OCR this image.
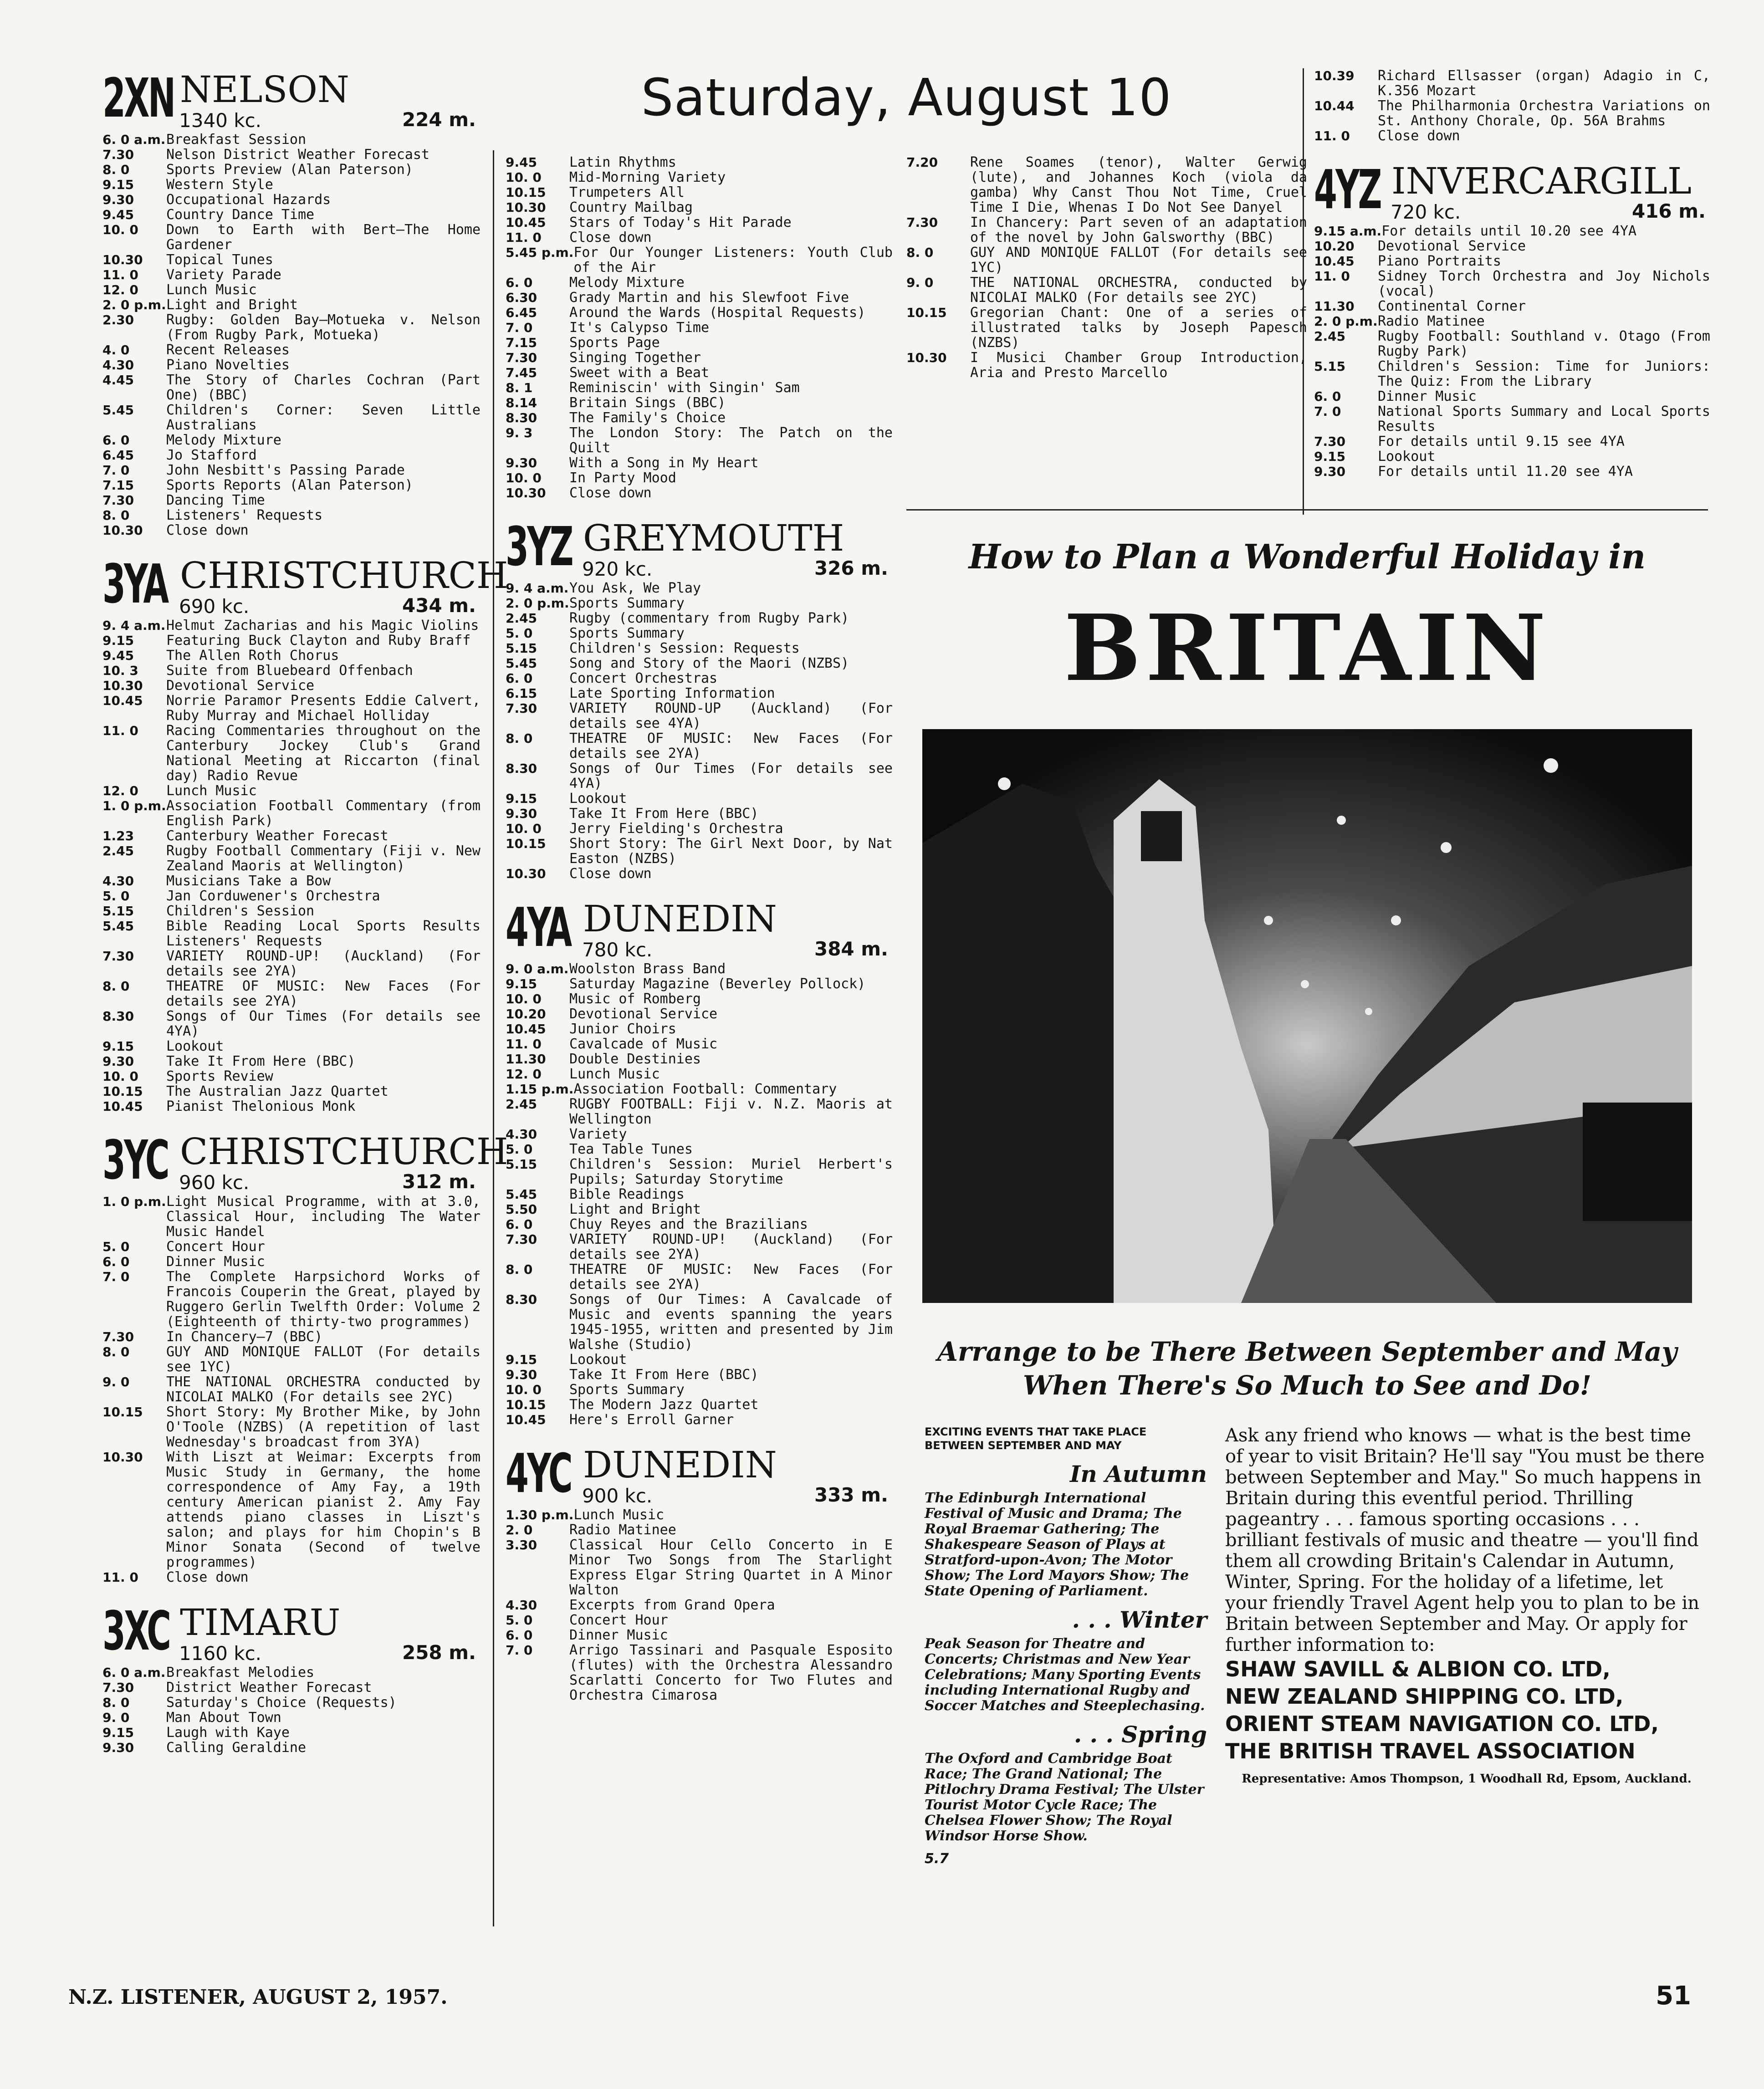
Saturday, August 10
2XN NELSON
1340 kc.	224 m.
6. 0 a.m. Breakfast Session
7.30	Nelson District Weather Forecast
8. 0	Sports Preview (Alan Paterson)
9.15	Western Style
9.30	Occupational Hazards
9.45	Country Dance Time
10. 0	Down to Earth with Bert—The Home Gardener
10.30	Topical Tunes
11. 0	Variety Parade
12. 0	Lunch Music
2. 0 p.m. Light and Bright
2.30	Rugby: Golden Bay—Motueka v. Nelson (From Rugby Park, Motueka)
4. 0	Recent Releases
4.30	Piano Novelties
4.45	The Story of Charles Cochran (Part One) (BBC)
5.45	Children's Corner: Seven Little Australians
6. 0	Melody Mixture
6.45	Jo Stafford
7. 0	John Nesbitt's Passing Parade
7.15	Sports Reports (Alan Paterson)
7.30	Dancing Time
8. 0	Listeners' Requests
10.30	Close down
3YA CHRISTCHURCH
690 kc.	434 m.
9. 4 a.m. Helmut Zacharias and his Magic Violins
9.15	Featuring Buck Clayton and Ruby Braff
9.45	The Allen Roth Chorus
10. 3	Suite from Bluebeard Offenbach
10.30	Devotional Service
10.45	Norrie Paramor Presents Eddie Calvert, Ruby Murray and Michael Holliday
11. 0	Racing Commentaries throughout on the Canterbury Jockey Club's Grand National Meeting at Riccarton (final day) Radio Revue
12. 0	Lunch Music
1. 0 p.m. Association Football Commentary (from English Park)
1.23	Canterbury Weather Forecast
2.45	Rugby Football Commentary (Fiji v. New Zealand Maoris at Wellington)
4.30	Musicians Take a Bow
5. 0	Jan Corduwener's Orchestra
5.15	Children's Session
5.45	Bible Reading Local Sports Results Listeners' Requests
7.30	VARIETY ROUND-UP! (Auckland) (For details see 2YA)
8. 0	THEATRE OF MUSIC: New Faces (For details see 2YA)
8.30	Songs of Our Times (For details see 4YA)
9.15	Lookout
9.30	Take It From Here (BBC)
10. 0	Sports Review
10.15	The Australian Jazz Quartet
10.45	Pianist Thelonious Monk
3YC CHRISTCHURCH
960 kc.	312 m.
1. 0 p.m. Light Musical Programme, with at 3.0, Classical Hour, including The Water Music Handel
5. 0	Concert Hour
6. 0	Dinner Music
7. 0	The Complete Harpsichord Works of Francois Couperin the Great, played by Ruggero Gerlin Twelfth Order: Volume 2 (Eighteenth of thirty-two programmes)
7.30	In Chancery—7 (BBC)
8. 0	GUY AND MONIQUE FALLOT (For details see 1YC)
9. 0	THE NATIONAL ORCHESTRA conducted by NICOLAI MALKO (For details see 2YC)
10.15	Short Story: My Brother Mike, by John O'Toole (NZBS) (A repetition of last Wednesday's broadcast from 3YA)
10.30	With Liszt at Weimar: Excerpts from Music Study in Germany, the home correspondence of Amy Fay, a 19th century American pianist 2. Amy Fay attends piano classes in Liszt's salon; and plays for him Chopin's B Minor Sonata (Second of twelve programmes)
11. 0	Close down
3XC TIMARU
1160 kc.	258 m.
6. 0 a.m. Breakfast Melodies
7.30	District Weather Forecast
8. 0	Saturday's Choice (Requests)
9. 0	Man About Town
9.15	Laugh with Kaye
9.30	Calling Geraldine
9.45	Latin Rhythms
10. 0	Mid-Morning Variety
10.15	Trumpeters All
10.30	Country Mailbag
10.45	Stars of Today's Hit Parade
11. 0	Close down
5.45 p.m. For Our Younger Listeners: Youth Club of the Air
6. 0	Melody Mixture
6.30	Grady Martin and his Slewfoot Five
6.45	Around the Wards (Hospital Requests)
7. 0	It's Calypso Time
7.15	Sports Page
7.30	Singing Together
7.45	Sweet with a Beat
8. 1	Reminiscin' with Singin' Sam
8.14	Britain Sings (BBC)
8.30	The Family's Choice
9. 3	The London Story: The Patch on the Quilt
9.30	With a Song in My Heart
10. 0	In Party Mood
10.30	Close down
3YZ GREYMOUTH
920 kc.	326 m.
9. 4 a.m. You Ask, We Play
2. 0 p.m. Sports Summary
2.45	Rugby (commentary from Rugby Park)
5. 0	Sports Summary
5.15	Children's Session: Requests
5.45	Song and Story of the Maori (NZBS)
6. 0	Concert Orchestras
6.15	Late Sporting Information
7.30	VARIETY ROUND-UP (Auckland) (For details see 4YA)
8. 0	THEATRE OF MUSIC: New Faces (For details see 2YA)
8.30	Songs of Our Times (For details see 4YA)
9.15	Lookout
9.30	Take It From Here (BBC)
10. 0	Jerry Fielding's Orchestra
10.15	Short Story: The Girl Next Door, by Nat Easton (NZBS)
10.30	Close down
4YA DUNEDIN
780 kc.	384 m.
9. 0 a.m. Woolston Brass Band
9.15	Saturday Magazine (Beverley Pollock)
10. 0	Music of Romberg
10.20	Devotional Service
10.45	Junior Choirs
11. 0	Cavalcade of Music
11.30	Double Destinies
12. 0	Lunch Music
1.15 p.m. Association Football: Commentary
2.45	RUGBY FOOTBALL: Fiji v. N.Z. Maoris at Wellington
4.30	Variety
5. 0	Tea Table Tunes
5.15	Children's Session: Muriel Herbert's Pupils; Saturday Storytime
5.45	Bible Readings
5.50	Light and Bright
6. 0	Chuy Reyes and the Brazilians
7.30	VARIETY ROUND-UP! (Auckland) (For details see 2YA)
8. 0	THEATRE OF MUSIC: New Faces (For details see 2YA)
8.30	Songs of Our Times: A Cavalcade of Music and events spanning the years 1945-1955, written and presented by Jim Walshe (Studio)
9.15	Lookout
9.30	Take It From Here (BBC)
10. 0	Sports Summary
10.15	The Modern Jazz Quartet
10.45	Here's Erroll Garner
4YC DUNEDIN
900 kc.	333 m.
1.30 p.m. Lunch Music
2. 0	Radio Matinee
3.30	Classical Hour Cello Concerto in E Minor Two Songs from The Starlight Express Elgar String Quartet in A Minor Walton
4.30	Excerpts from Grand Opera
5. 0	Concert Hour
6. 0	Dinner Music
7. 0	Arrigo Tassinari and Pasquale Esposito (flutes) with the Orchestra Alessandro Scarlatti Concerto for Two Flutes and Orchestra Cimarosa
7.20	Rene Soames (tenor), Walter Gerwig (lute), and Johannes Koch (viola da gamba) Why Canst Thou Not Time, Cruel Time I Die, Whenas I Do Not See Danyel
7.30	In Chancery: Part seven of an adaptation of the novel by John Galsworthy (BBC)
8. 0	GUY AND MONIQUE FALLOT (For details see 1YC)
9. 0	THE NATIONAL ORCHESTRA, conducted by NICOLAI MALKO (For details see 2YC)
10.15	Gregorian Chant: One of a series of illustrated talks by Joseph Papesch (NZBS)
10.30	I Musici Chamber Group Introduction, Aria and Presto Marcello
10.39	Richard Ellsasser (organ) Adagio in C, K.356 Mozart
10.44	The Philharmonia Orchestra Variations on St. Anthony Chorale, Op. 56A Brahms
11. 0	Close down
4YZ INVERCARGILL
720 kc.	416 m.
9.15 a.m. For details until 10.20 see 4YA
10.20	Devotional Service
10.45	Piano Portraits
11. 0	Sidney Torch Orchestra and Joy Nichols (vocal)
11.30	Continental Corner
2. 0 p.m. Radio Matinee
2.45	Rugby Football: Southland v. Otago (From Rugby Park)
5.15	Children's Session: Time for Juniors: The Quiz: From the Library
6. 0	Dinner Music
7. 0	National Sports Summary and Local Sports Results
7.30	For details until 9.15 see 4YA
9.15	Lookout
9.30	For details until 11.20 see 4YA
How to Plan a Wonderful Holiday in
BRITAIN
Arrange to be There Between September and May
When There's So Much to See and Do!
EXCITING EVENTS THAT TAKE PLACE BETWEEN SEPTEMBER AND MAY
In Autumn
The Edinburgh International Festival of Music and Drama; The Royal Braemar Gathering; The Shakespeare Season of Plays at Stratford-upon-Avon; The Motor Show; The Lord Mayors Show; The State Opening of Parliament.
. . . Winter
Peak Season for Theatre and Concerts; Christmas and New Year Celebrations; Many Sporting Events including International Rugby and Soccer Matches and Steeplechasing.
. . . Spring
The Oxford and Cambridge Boat Race; The Grand National; The Pitlochry Drama Festival; The Ulster Tourist Motor Cycle Race; The Chelsea Flower Show; The Royal Windsor Horse Show.
5.7
Ask any friend who knows — what is the best time of year to visit Britain? He'll say "You must be there between September and May." So much happens in Britain during this eventful period. Thrilling pageantry . . . famous sporting occasions . . . brilliant festivals of music and theatre — you'll find them all crowding Britain's Calendar in Autumn, Winter, Spring. For the holiday of a lifetime, let your friendly Travel Agent help you to plan to be in Britain between September and May. Or apply for further information to:
SHAW SAVILL & ALBION CO. LTD,
NEW ZEALAND SHIPPING CO. LTD,
ORIENT STEAM NAVIGATION CO. LTD,
THE BRITISH TRAVEL ASSOCIATION
Representative: Amos Thompson, 1 Woodhall Rd, Epsom, Auckland.
N.Z. LISTENER, AUGUST 2, 1957.	51
